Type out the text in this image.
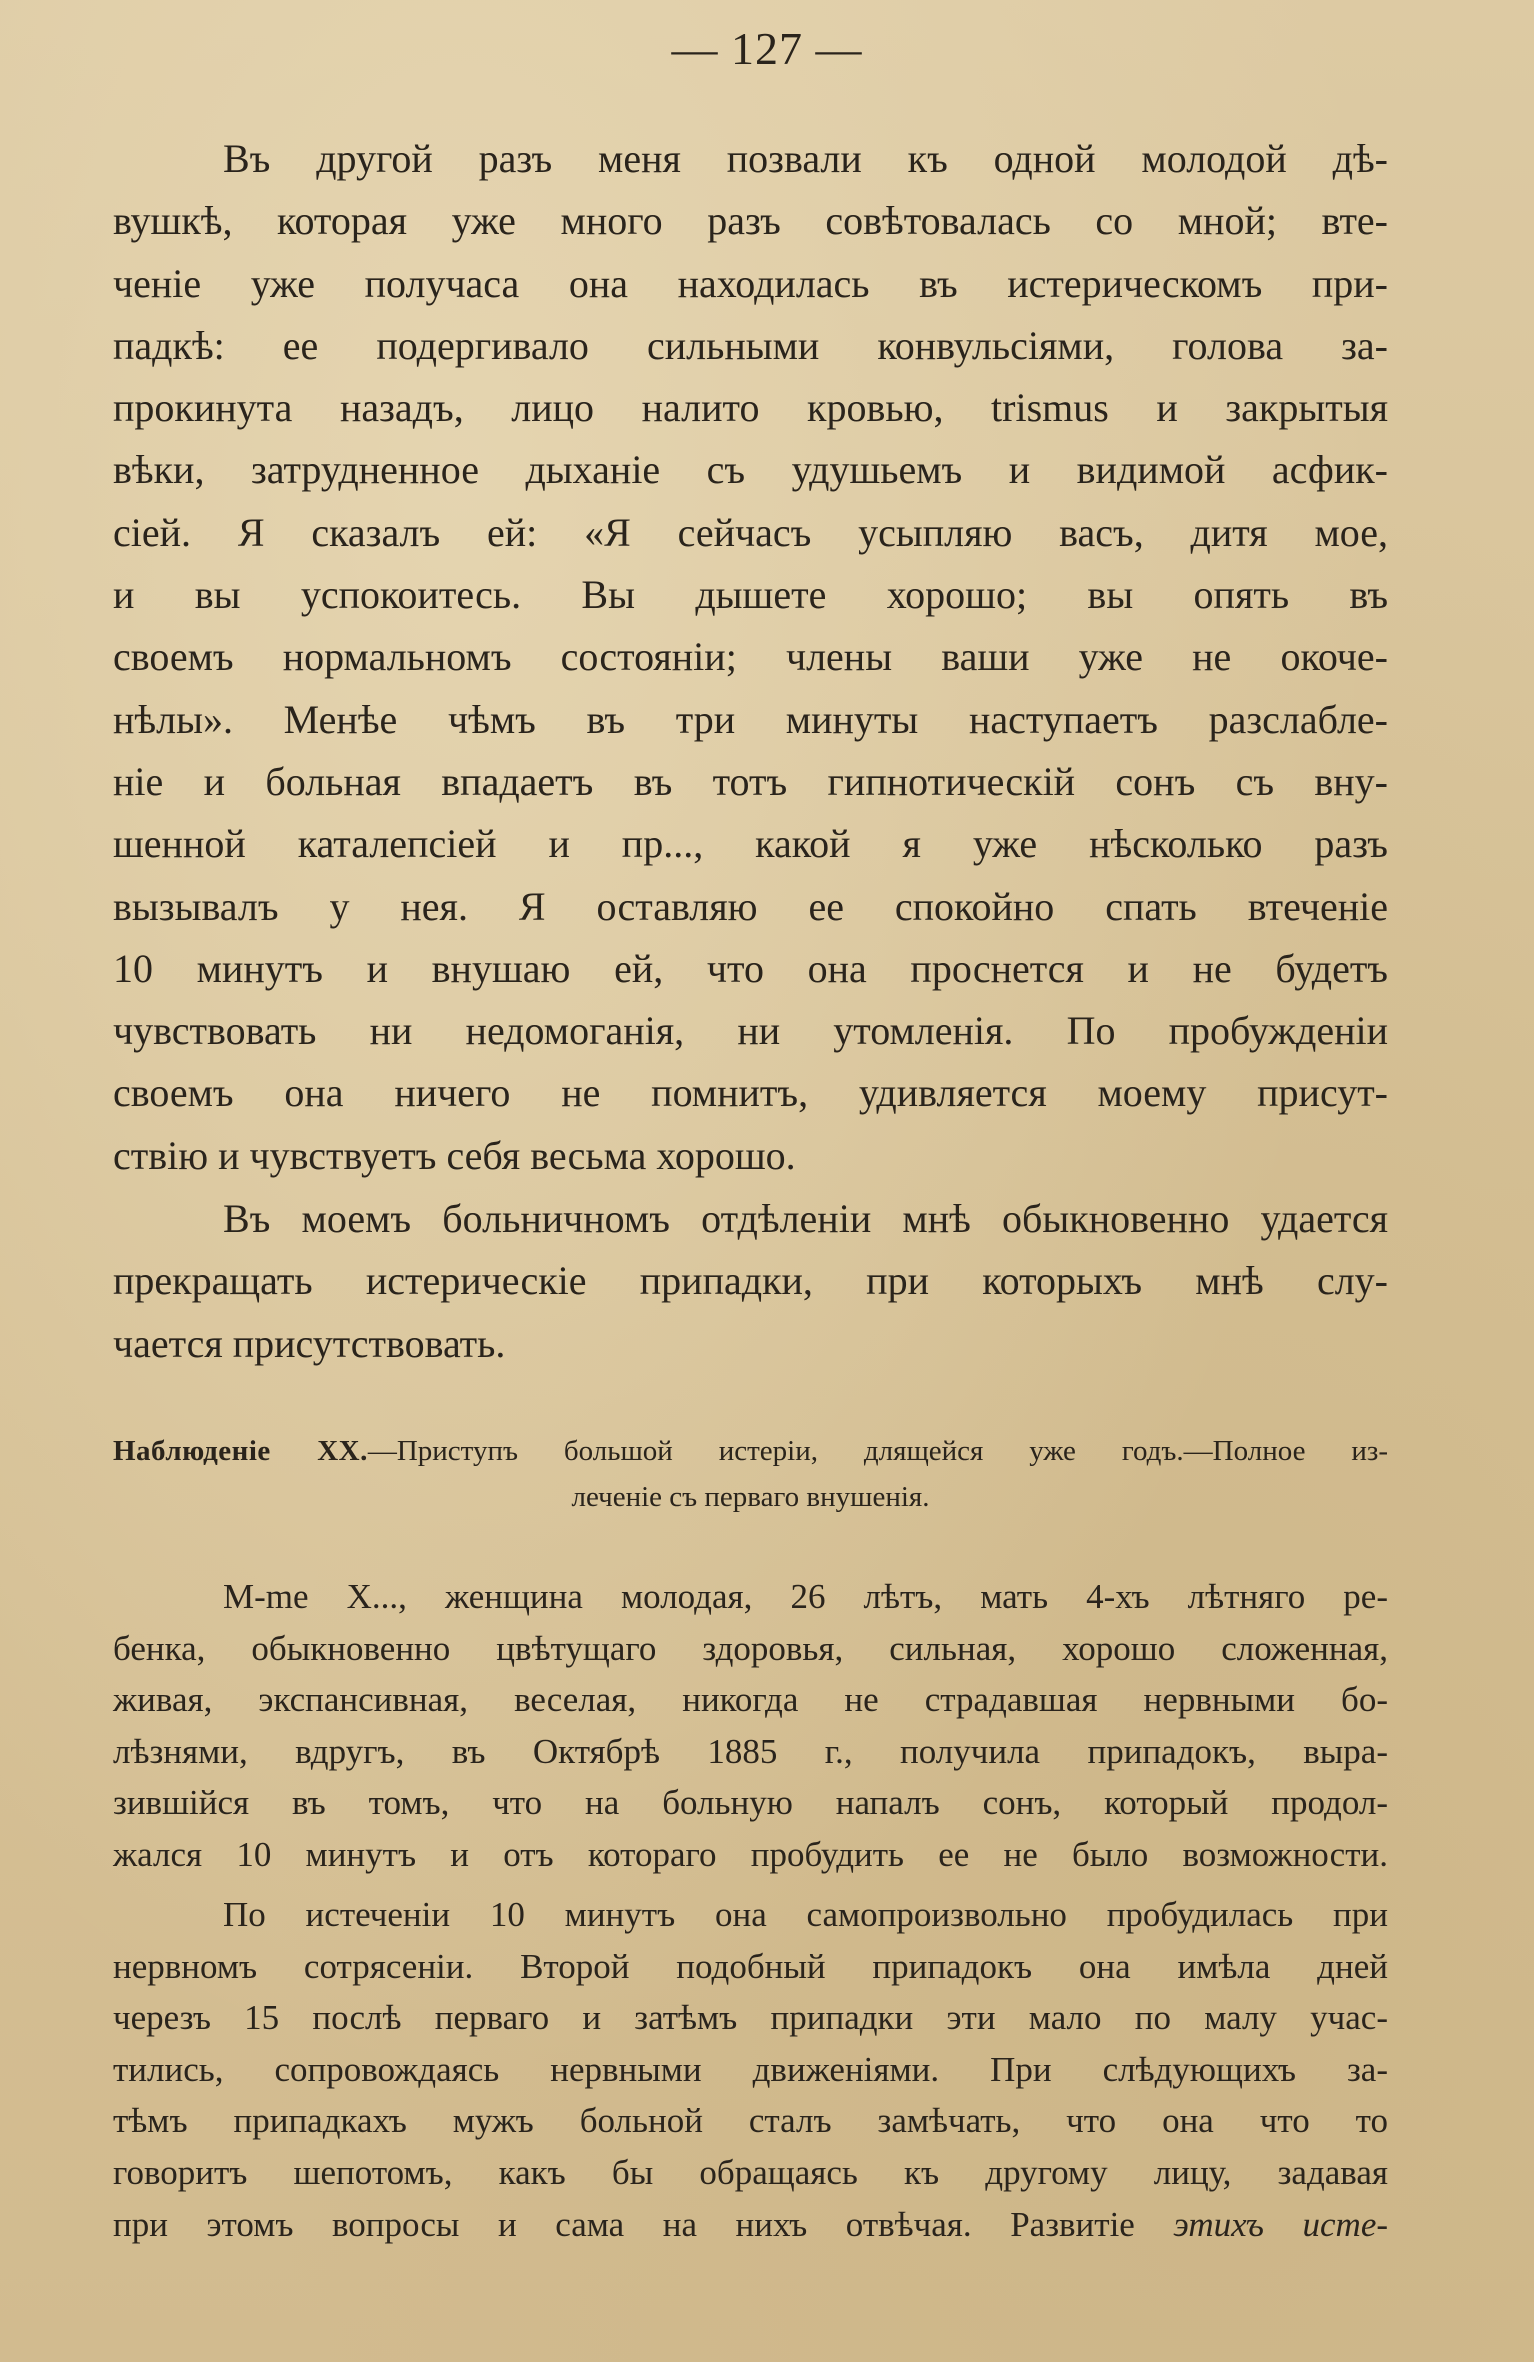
— 127 —
Въ другой разъ меня позвали къ одной молодой дѣ-
вушкѣ, которая уже много разъ совѣтовалась со мной; вте-
ченіе уже получаса она находилась въ истерическомъ при-
падкѣ: ее подергивало сильными конвульсіями, голова за-
прокинута назадъ, лицо налито кровью, trismus и закрытыя
вѣки, затрудненное дыханіе съ удушьемъ и видимой асфик-
сіей. Я сказалъ ей: «Я сейчасъ усыпляю васъ, дитя мое,
и вы успокоитесь. Вы дышете хорошо; вы опять въ
своемъ нормальномъ состояніи; члены ваши уже не окоче-
нѣлы». Менѣе чѣмъ въ три минуты наступаетъ разслабле-
ніе и больная впадаетъ въ тотъ гипнотическій сонъ съ вну-
шенной каталепсіей и пр..., какой я уже нѣсколько разъ
вызывалъ у нея. Я оставляю ее спокойно спать втеченіе
10 минутъ и внушаю ей, что она проснется и не будетъ
чувствовать ни недомоганія, ни утомленія. По пробужденіи
своемъ она ничего не помнитъ, удивляется моему присут-
ствію и чувствуетъ себя весьма хорошо.
Въ моемъ больничномъ отдѣленіи мнѣ обыкновенно удается
прекращать истерическіе припадки, при которыхъ мнѣ слу-
чается присутствовать.
Наблюденіе XX.—Приступъ большой истеріи, длящейся уже годъ.—Полное из-
леченіе съ перваго внушенія.
M-me X..., женщина молодая, 26 лѣтъ, мать 4-хъ лѣтняго ре-
бенка, обыкновенно цвѣтущаго здоровья, сильная, хорошо сложенная,
живая, экспансивная, веселая, никогда не страдавшая нервными бо-
лѣзнями, вдругъ, въ Октябрѣ 1885 г., получила припадокъ, выра-
зившійся въ томъ, что на больную напалъ сонъ, который продол-
жался 10 минутъ и отъ котораго пробудить ее не было возможности.
По истеченіи 10 минутъ она самопроизвольно пробудилась при
нервномъ сотрясеніи. Второй подобный припадокъ она имѣла дней
черезъ 15 послѣ перваго и затѣмъ припадки эти мало по малу учас-
тились, сопровождаясь нервными движеніями. При слѣдующихъ за-
тѣмъ припадкахъ мужъ больной сталъ замѣчать, что она что то
говоритъ шепотомъ, какъ бы обращаясь къ другому лицу, задавая
при этомъ вопросы и сама на нихъ отвѣчая. Развитіе этихъ исте-
